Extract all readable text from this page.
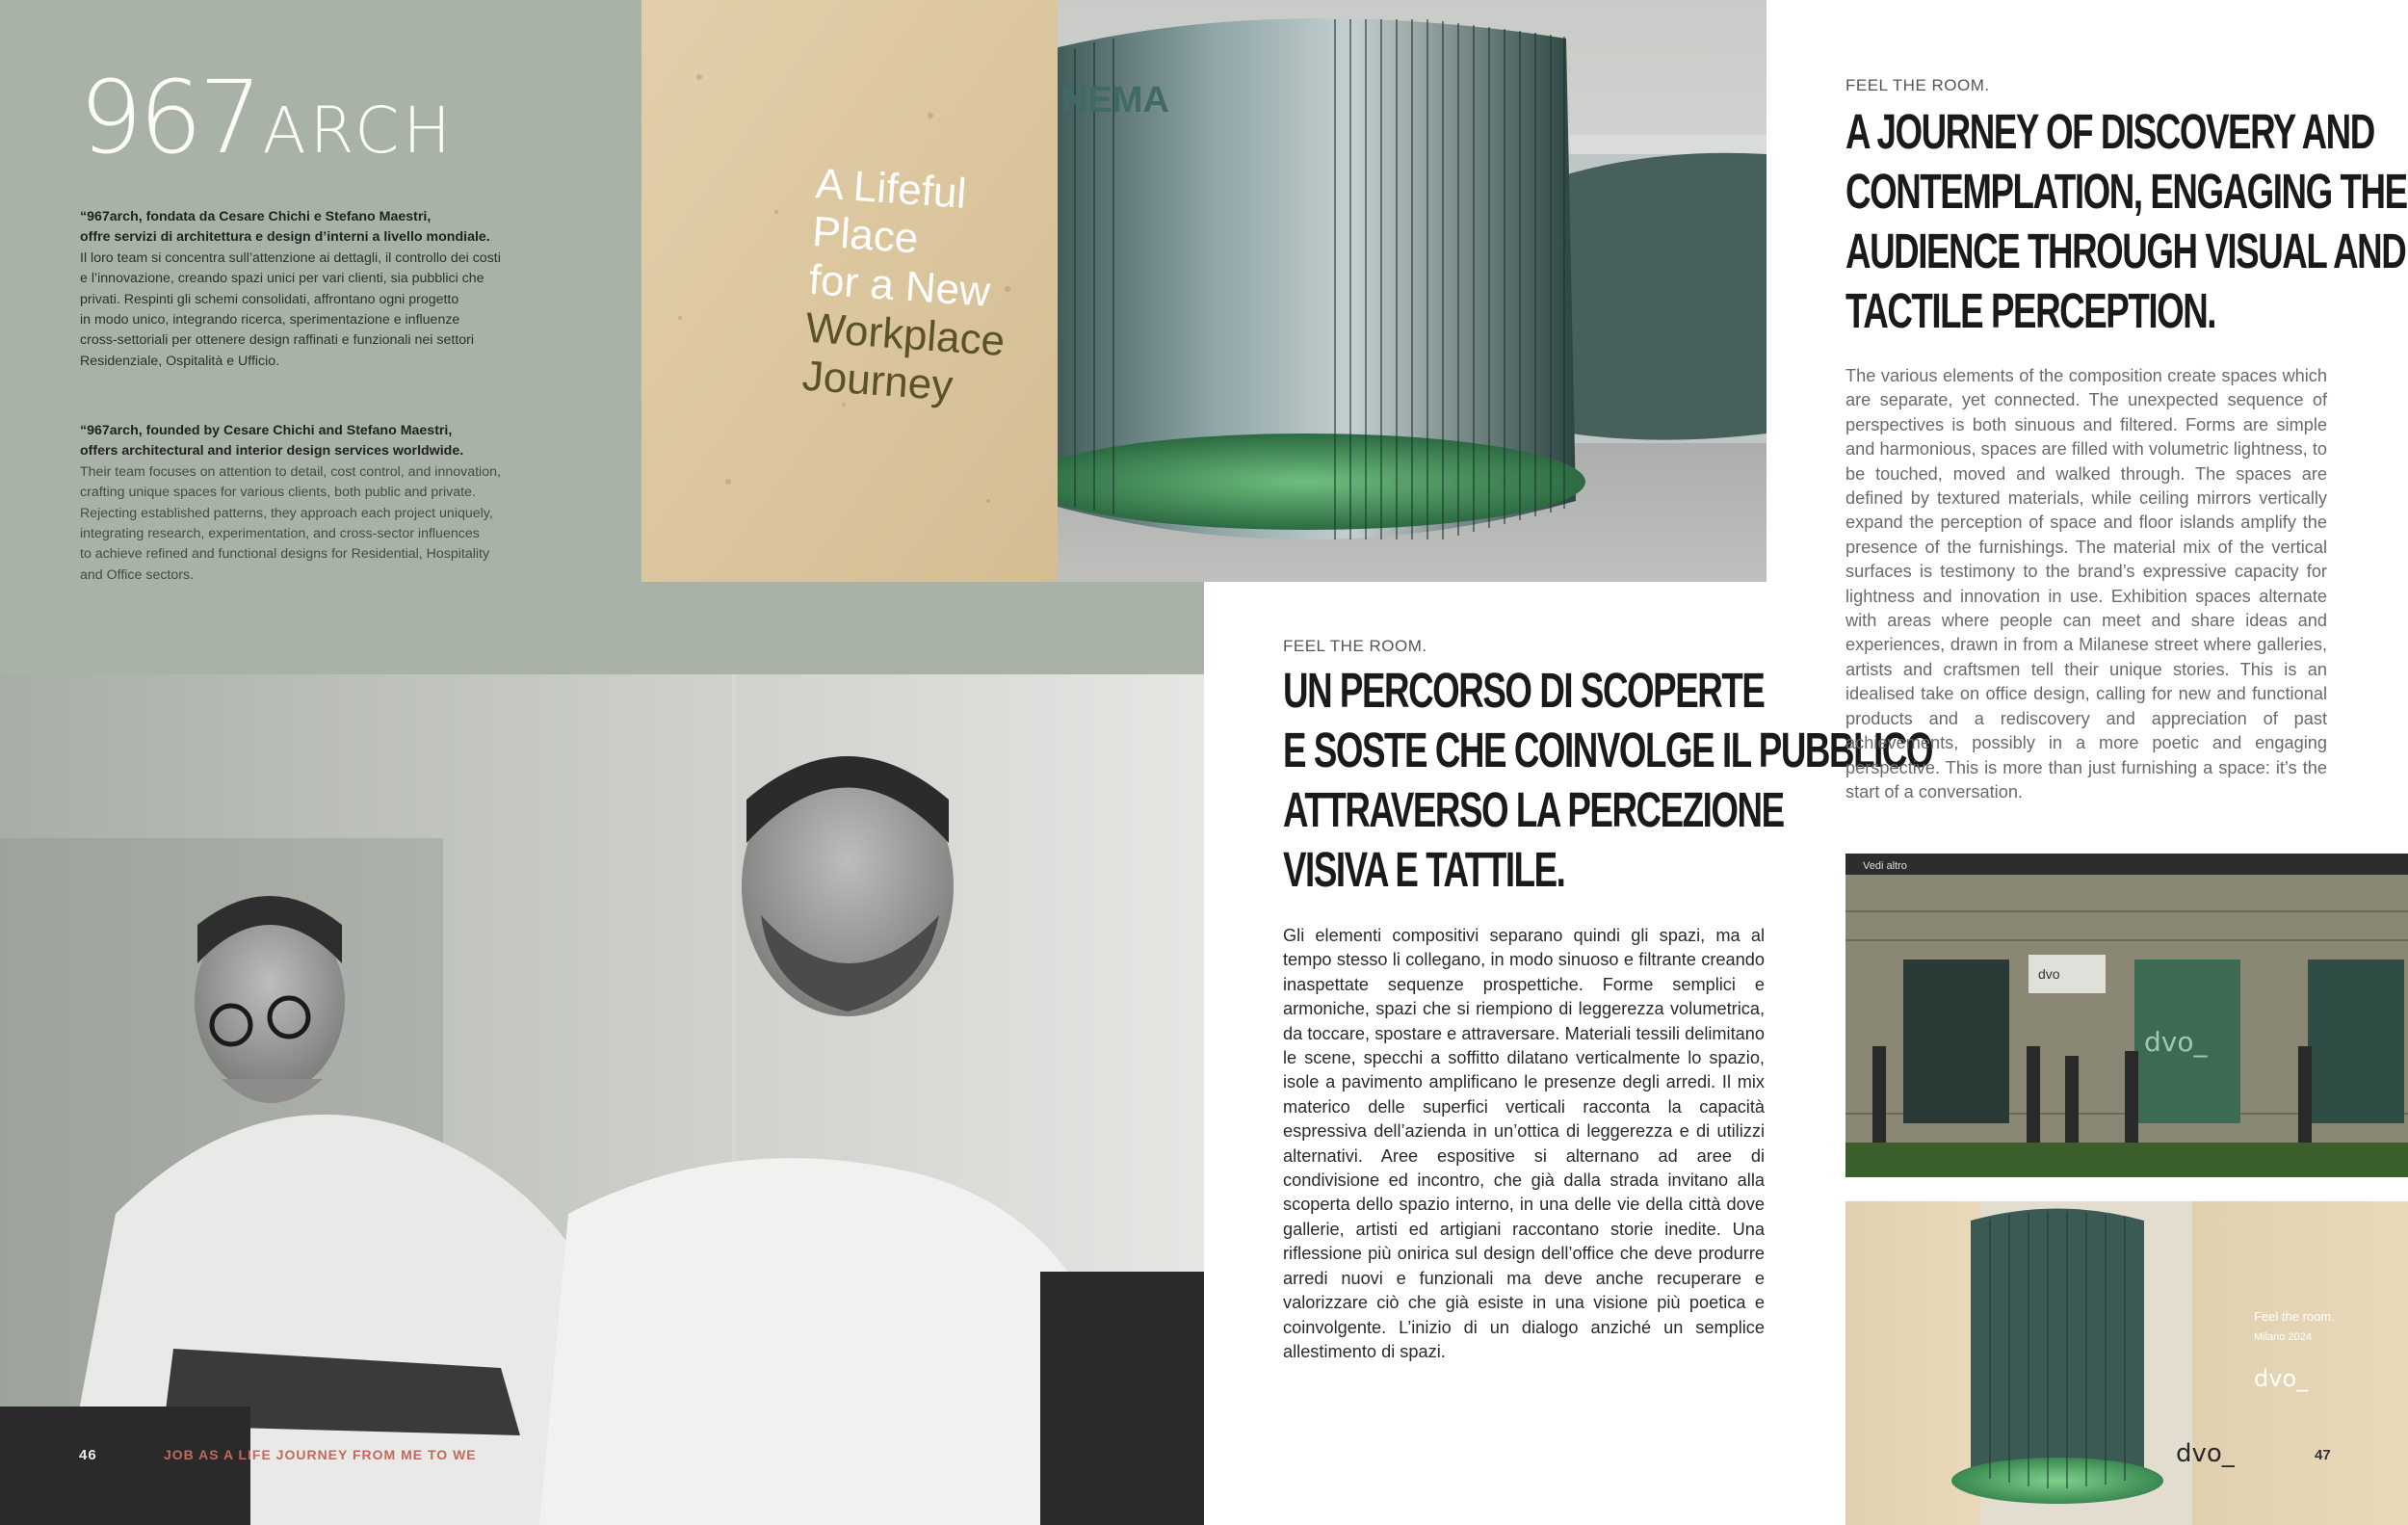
967ARCH
“967arch, fondata da Cesare Chichi e Stefano Maestri,
offre servizi di architettura e design d’interni a livello mondiale.
Il loro team si concentra sull’attenzione ai dettagli, il controllo dei costi
e l’innovazione, creando spazi unici per vari clienti, sia pubblici che
privati. Respinti gli schemi consolidati, affrontano ogni progetto
in modo unico, integrando ricerca, sperimentazione e influenze
cross-settoriali per ottenere design raffinati e funzionali nei settori
Residenziale, Ospitalità e Ufficio.
“967arch, founded by Cesare Chichi and Stefano Maestri,
offers architectural and interior design services worldwide.
Their team focuses on attention to detail, cost control, and innovation,
crafting unique spaces for various clients, both public and private.
Rejecting established patterns, they approach each project uniquely,
integrating research, experimentation, and cross-sector influences
to achieve refined and functional designs for Residential, Hospitality
and Office sectors.
A Lifeful
Place
for a New
Workplace
Journey
NEMA
46	JOB AS A LIFE JOURNEY FROM ME TO WE
FEEL THE ROOM.
UN PERCORSO DI SCOPERTE
E SOSTE CHE COINVOLGE IL PUBBLICO
ATTRAVERSO LA PERCEZIONE
VISIVA E TATTILE.
Gli elementi compositivi separano quindi gli spazi, ma al tempo stesso li collegano, in modo sinuoso e filtrante creando inaspettate sequenze prospettiche. Forme semplici e armoniche, spazi che si riempiono di leggerezza volumetrica, da toccare, spostare e attraversare. Materiali tessili delimitano le scene, specchi a soffitto dilatano verticalmente lo spazio, isole a pavimento amplificano le presenze degli arredi. Il mix materico delle superfici verticali racconta la capacità espressiva dell’azienda in un’ottica di leggerezza e di utilizzi alternativi. Aree espositive si alternano ad aree di condivisione ed incontro, che già dalla strada invitano alla scoperta dello spazio interno, in una delle vie della città dove gallerie, artisti ed artigiani raccontano storie inedite. Una riflessione più onirica sul design dell’office che deve produrre arredi nuovi e funzionali ma deve anche recuperare e valorizzare ciò che già esiste in una visione più poetica e coinvolgente. L’inizio di un dialogo anziché un semplice allestimento di spazi.
FEEL THE ROOM.
A JOURNEY OF DISCOVERY AND
CONTEMPLATION, ENGAGING THE
AUDIENCE THROUGH VISUAL AND
TACTILE PERCEPTION.
The various elements of the composition create spaces which are separate, yet connected. The unexpected sequence of perspectives is both sinuous and filtered. Forms are simple and harmonious, spaces are filled with volumetric lightness, to be touched, moved and walked through. The spaces are defined by textured materials, while ceiling mirrors vertically expand the perception of space and floor islands amplify the presence of the furnishings. The material mix of the vertical surfaces is testimony to the brand’s expressive capacity for lightness and innovation in use. Exhibition spaces alternate with areas where people can meet and share ideas and experiences, drawn in from a Milanese street where galleries, artists and craftsmen tell their unique stories. This is an idealised take on office design, calling for new and functional products and a rediscovery and appreciation of past achievements, possibly in a more poetic and engaging perspective. This is more than just furnishing a space: it’s the start of a conversation.
Vedi altro
dvo
dvo_
Feel the room.
Milano 2024
dvo_
dvo_	47
